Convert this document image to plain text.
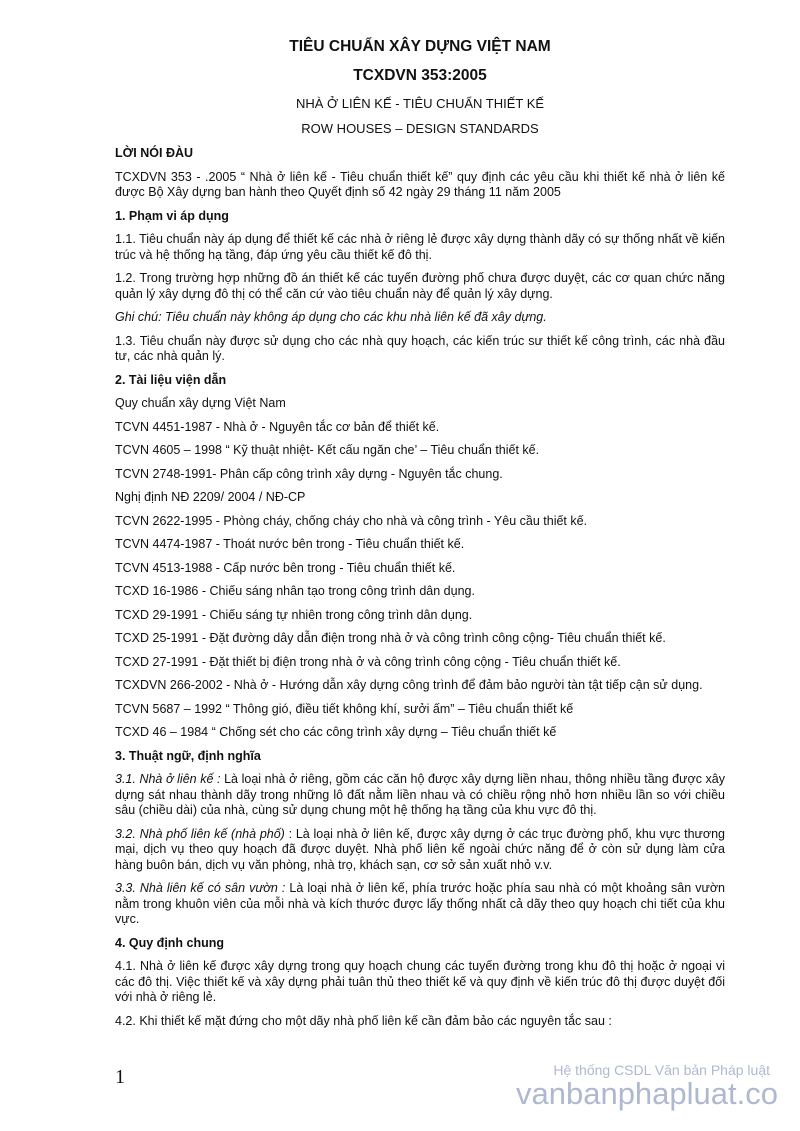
TIÊU CHUẨN XÂY DỰNG VIỆT NAM
TCXDVN 353:2005
NHÀ Ở LIÊN KẾ - TIÊU CHUẨN THIẾT KẾ
ROW HOUSES – DESIGN STANDARDS
LỜI NÓI ĐÀU

TCXDVN 353 - .2005 “ Nhà ở liên kế - Tiêu chuẩn thiết kế” quy định các yêu cầu khi thiết kế nhà ở liên kế được Bộ Xây dựng ban hành theo Quyết định số 42 ngày 29 tháng 11 năm 2005

1. Phạm vi áp dụng

1.1. Tiêu chuẩn này áp dụng để thiết kế các nhà ở riêng lẻ được xây dựng thành dãy có sự thống nhất về kiến trúc và hệ thống hạ tầng, đáp ứng yêu cầu thiết kế đô thị.

1.2. Trong trường hợp những đồ án thiết kế các tuyến đường phố chưa được duyệt, các cơ quan chức năng quản lý xây dựng đô thị có thể căn cứ vào tiêu chuẩn này để quản lý xây dựng.

Ghi chú: Tiêu chuẩn này không áp dụng cho các khu nhà liên kế đã xây dựng.

1.3. Tiêu chuẩn này được sử dụng cho các nhà quy hoạch, các kiến trúc sư thiết kế công trình, các nhà đầu tư, các nhà quản lý.

2. Tài liệu viện dẫn

Quy chuẩn xây dựng Việt Nam

TCVN 4451-1987 - Nhà ở - Nguyên tắc cơ bản để thiết kế.

TCVN 4605 – 1998 “ Kỹ thuật nhiệt- Kết cấu ngăn che’ – Tiêu chuẩn thiết kế.

TCVN 2748-1991- Phân cấp công trình xây dựng - Nguyên tắc chung.

Nghị định NĐ 2209/ 2004 / NĐ-CP

TCVN 2622-1995 - Phòng cháy, chống cháy cho nhà và công trình - Yêu cầu thiết kế.

TCVN 4474-1987 - Thoát nước bên trong - Tiêu chuẩn thiết kế.

TCVN 4513-1988 - Cấp nước bên trong - Tiêu chuẩn thiết kế.

TCXD 16-1986 - Chiếu sáng nhân tạo trong công trình dân dụng.

TCXD 29-1991 - Chiếu sáng tự nhiên trong công trình dân dụng.

TCXD 25-1991 - Đặt đường dây dẫn điện trong nhà ở và công trình công cộng- Tiêu chuẩn thiết kế.

TCXD 27-1991 - Đặt thiết bị điện trong nhà ở và công trình công cộng - Tiêu chuẩn thiết kế.

TCXDVN 266-2002 - Nhà ở - Hướng dẫn xây dựng công trình để đảm bảo người tàn tật tiếp cận sử dụng.

TCVN 5687 – 1992 “ Thông gió, điều tiết không khí, sưởi ấm” – Tiêu chuẩn thiết kế

TCXD 46 – 1984 “ Chống sét cho các công trình xây dựng – Tiêu chuẩn thiết kế

3. Thuật ngữ, định nghĩa

3.1. Nhà ở liên kế : Là loại nhà ở riêng, gồm các căn hộ được xây dựng liền nhau, thông nhiều tầng được xây dựng sát nhau thành dãy trong những lô đất nằm liền nhau và có chiều rộng nhỏ hơn nhiều lần so với chiều sâu (chiều dài) của nhà, cùng sử dụng chung một hệ thống hạ tầng của khu vực đô thị.

3.2. Nhà phố liên kế (nhà phố) : Là loại nhà ở liên kế, được xây dựng ở các trục đường phố, khu vực thương mại, dịch vụ theo quy hoạch đã được duyệt. Nhà phố liên kế ngoài chức năng để ở còn sử dụng làm cửa hàng buôn bán, dịch vụ văn phòng, nhà trọ, khách sạn, cơ sở sản xuất nhỏ v.v.

3.3. Nhà liên kế có sân vườn : Là loại nhà ở liên kế, phía trước hoặc phía sau nhà có một khoảng sân vườn nằm trong khuôn viên của mỗi nhà và kích thước được lấy thống nhất cả dãy theo quy hoạch chi tiết của khu vực.

4. Quy định chung

4.1. Nhà ở liên kế được xây dựng trong quy hoạch chung các tuyến đường trong khu đô thị hoặc ở ngoại vi các đô thị. Việc thiết kế và xây dựng phải tuân thủ theo thiết kế và quy định về kiến trúc đô thị được duyệt đối với nhà ở riêng lẻ.

4.2. Khi thiết kế mặt đứng cho một dãy nhà phố liên kế cần đảm bảo các nguyên tắc sau :

1	Hệ thống CSDL Văn bản Pháp luật
vanbanphapluat.co
